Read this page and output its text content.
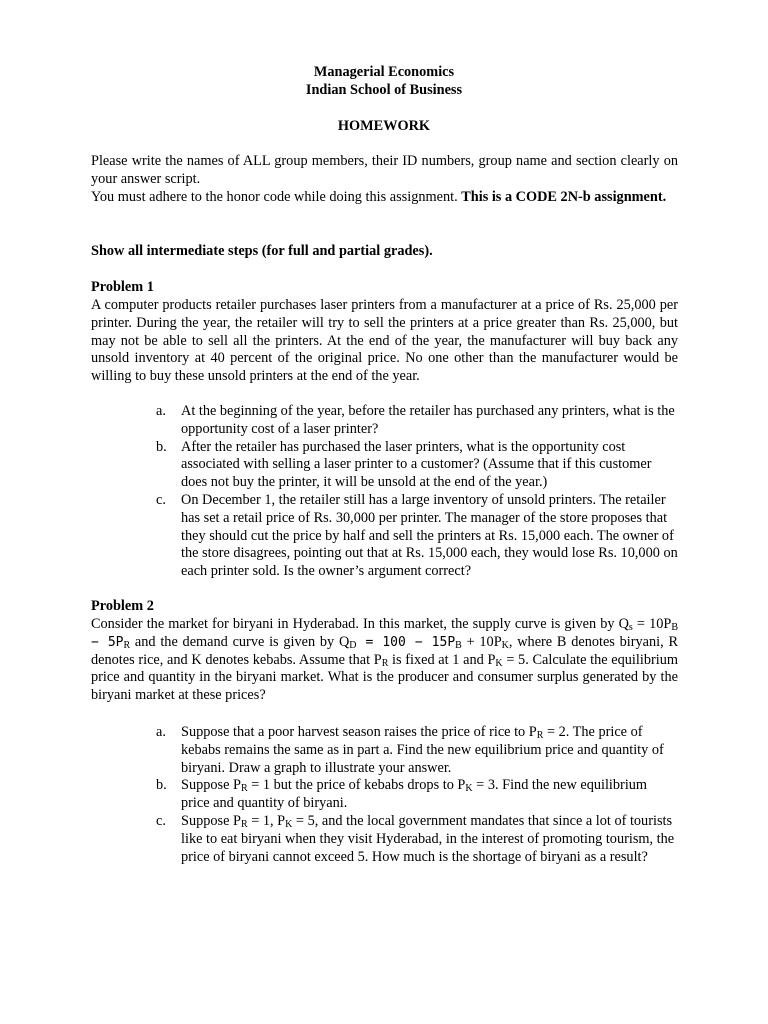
Managerial Economics
Indian School of Business
HOMEWORK
Please write the names of ALL group members, their ID numbers, group name and section clearly on your answer script.
You must adhere to the honor code while doing this assignment. This is a CODE 2N-b assignment.
Show all intermediate steps (for full and partial grades).
Problem 1
A computer products retailer purchases laser printers from a manufacturer at a price of Rs. 25,000 per printer. During the year, the retailer will try to sell the printers at a price greater than Rs. 25,000, but may not be able to sell all the printers. At the end of the year, the manufacturer will buy back any unsold inventory at 40 percent of the original price. No one other than the manufacturer would be willing to buy these unsold printers at the end of the year.
a. At the beginning of the year, before the retailer has purchased any printers, what is the opportunity cost of a laser printer?
b. After the retailer has purchased the laser printers, what is the opportunity cost associated with selling a laser printer to a customer? (Assume that if this customer does not buy the printer, it will be unsold at the end of the year.)
c. On December 1, the retailer still has a large inventory of unsold printers. The retailer has set a retail price of Rs. 30,000 per printer. The manager of the store proposes that they should cut the price by half and sell the printers at Rs. 15,000 each. The owner of the store disagrees, pointing out that at Rs. 15,000 each, they would lose Rs. 10,000 on each printer sold. Is the owner’s argument correct?
Problem 2
Consider the market for biryani in Hyderabad. In this market, the supply curve is given by $Q_s = 10P_B - 5P_R$ and the demand curve is given by $Q_D = 100 - 15P_B + 10P_K$, where B denotes biryani, R denotes rice, and K denotes kebabs. Assume that $P_R$ is fixed at 1 and $P_K = 5$. Calculate the equilibrium price and quantity in the biryani market. What is the producer and consumer surplus generated by the biryani market at these prices?
a. Suppose that a poor harvest season raises the price of rice to $P_R = 2$. The price of kebabs remains the same as in part a. Find the new equilibrium price and quantity of biryani. Draw a graph to illustrate your answer.
b. Suppose $P_R = 1$ but the price of kebabs drops to $P_K = 3$. Find the new equilibrium price and quantity of biryani.
c. Suppose $P_R = 1$, $P_K = 5$, and the local government mandates that since a lot of tourists like to eat biryani when they visit Hyderabad, in the interest of promoting tourism, the price of biryani cannot exceed 5. How much is the shortage of biryani as a result?
